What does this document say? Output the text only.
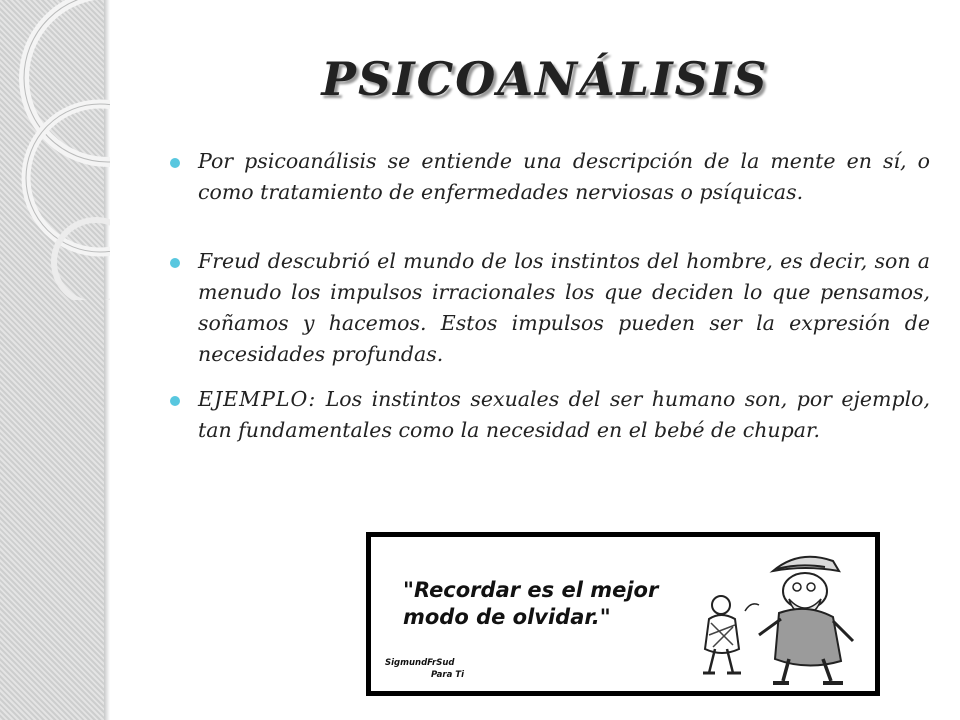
PSICOANÁLISIS
Por psicoanálisis se entiende una descripción de la mente en sí, o como tratamiento de enfermedades nerviosas o psíquicas.
Freud descubrió el mundo de los instintos del hombre, es decir, son a menudo los impulsos irracionales los que deciden lo que pensamos, soñamos y hacemos. Estos impulsos pueden ser la expresión de necesidades profundas.
EJEMPLO: Los instintos sexuales del ser humano son, por ejemplo, tan fundamentales como la necesidad en el bebé de chupar.
"Recordar es el mejor
modo de olvidar."
SigmundFrSud
Para Ti
